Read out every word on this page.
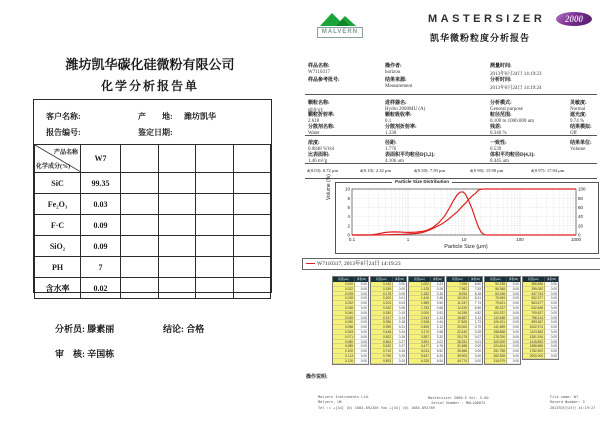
潍坊凯华碳化硅微粉有限公司
化学分析报告单
客户名称:	产　　地: 潍坊凯华
报告编号:	鉴定日期:
产品名称
化学成分(%)	W7				
SiC	99.35				
Fe₂O₃	0.03				
F·C	0.09				
SiO₂	0.09				
PH	7				
含水率	0.02				
分析员: 滕素丽	结论: 合格
审　核: 辛国栋
MALVERN
MASTERSIZER	2000
凯华微粉粒度分析报告
样品名称:
W7110317
操作者:
horizon
测量时间:
2013年8月24日 14:19:23
样品参考批号:	结果来源:
Measurement
分析时间:
2013年8月24日 14:19:24
颗粒名称:
碳化硅
进样器名:
Hydro 2000MU (A)
分析模式:
General purpose
灵敏度:
Normal
颗粒折射率:
2.618
颗粒吸收率:
0.1
粒径范围:
0.100 to 1000.000 um
遮光度:
9.74 %
分散剂名称:
Water
分散剂折射率:
1.330
残差:
0.346 %
结果模拟:
Off
浓度:
0.0848 %Vol
径距:
1.776
一致性:
0.539
结果单位:
Volume
比表面积:
1.46 m²/g
表面积平均粒径D[3,2]:
4.106 um
体积平均粒径D[4,3]:
8.445 um
d(0.03): 0.72 μm	d(0.10): 2.32 μm	d(0.50): 7.59 μm	d(0.90): 15.90 μm	d(0.97): 17.84 μm
0
2
4
6
8
10
0
20
40
60
80
100
0.1	1	10	100	1000
Particle Size Distribution
Volume (%)
Particle Size (μm)
W7110317, 2013年8月24日 14:19:23
粒径(μm)	体积(%)
0.020	0.00
0.022	0.00
0.025	0.00
0.028	0.00
0.032	0.00
0.036	0.00
0.040	0.00
0.045	0.00
0.050	0.00
0.056	0.00
0.063	0.00
0.071	0.00
0.080	0.00
0.089	0.00
0.100	0.00
0.113	0.00
0.126	0.00
粒径(μm)	体积(%)
0.142	0.00
0.159	0.00
0.178	0.00
0.200	0.01
0.224	0.03
0.252	0.06
0.283	0.10
0.317	0.14
0.356	0.18
0.399	0.21
0.448	0.24
0.502	0.26
0.564	0.27
0.632	0.27
0.710	0.26
0.796	0.25
0.893	0.24
粒径(μm)	体积(%)
1.002	0.24
1.125	0.26
1.262	0.30
1.416	0.38
1.589	0.50
1.783	0.68
2.000	0.92
2.244	1.24
2.518	1.64
2.825	2.12
3.170	2.68
3.557	3.32
3.991	4.02
4.477	4.76
5.024	5.52
5.637	6.26
6.325	6.94
粒径(μm)	体积(%)
7.096	6.60
7.962	7.53
8.934	8.18
10.024	8.31
11.247	7.74
12.619	6.50
14.159	4.82
15.887	3.13
17.825	1.73
20.000	0.79
22.440	0.28
25.179	0.07
28.251	0.01
31.698	0.00
35.566	0.00
39.905	0.00
44.774	0.00
粒径(μm)	体积(%)
50.238	0.00
56.368	0.00
63.246	0.00
70.963	0.00
79.621	0.00
89.337	0.00
100.237	0.00
112.468	0.00
126.191	0.00
141.589	0.00
158.866	0.00
178.250	0.00
200.000	0.00
224.404	0.00
251.785	0.00
282.508	0.00
316.979	0.00
粒径(μm)	体积(%)
355.656	0.00
399.052	0.00
447.744	0.00
502.377	0.00
563.677	0.00
632.456	0.00
709.627	0.00
796.214	0.00
893.367	0.00
1002.374	0.00
1124.683	0.00
1261.915	0.00
1415.892	0.00
1588.656	0.00
1782.502	0.00
2000.000	0.00
操作说明:
Malvern Instruments Ltd.
Malvern, UK
Tel := +[44] (0) 1684-892456 Fax +[44] (0) 1684-892789
Mastersizer 2000 E Ver. 5.60
Serial Number : MAL100872
File name: W7
Record Number: 3
2013年8月24日 14:19:27
